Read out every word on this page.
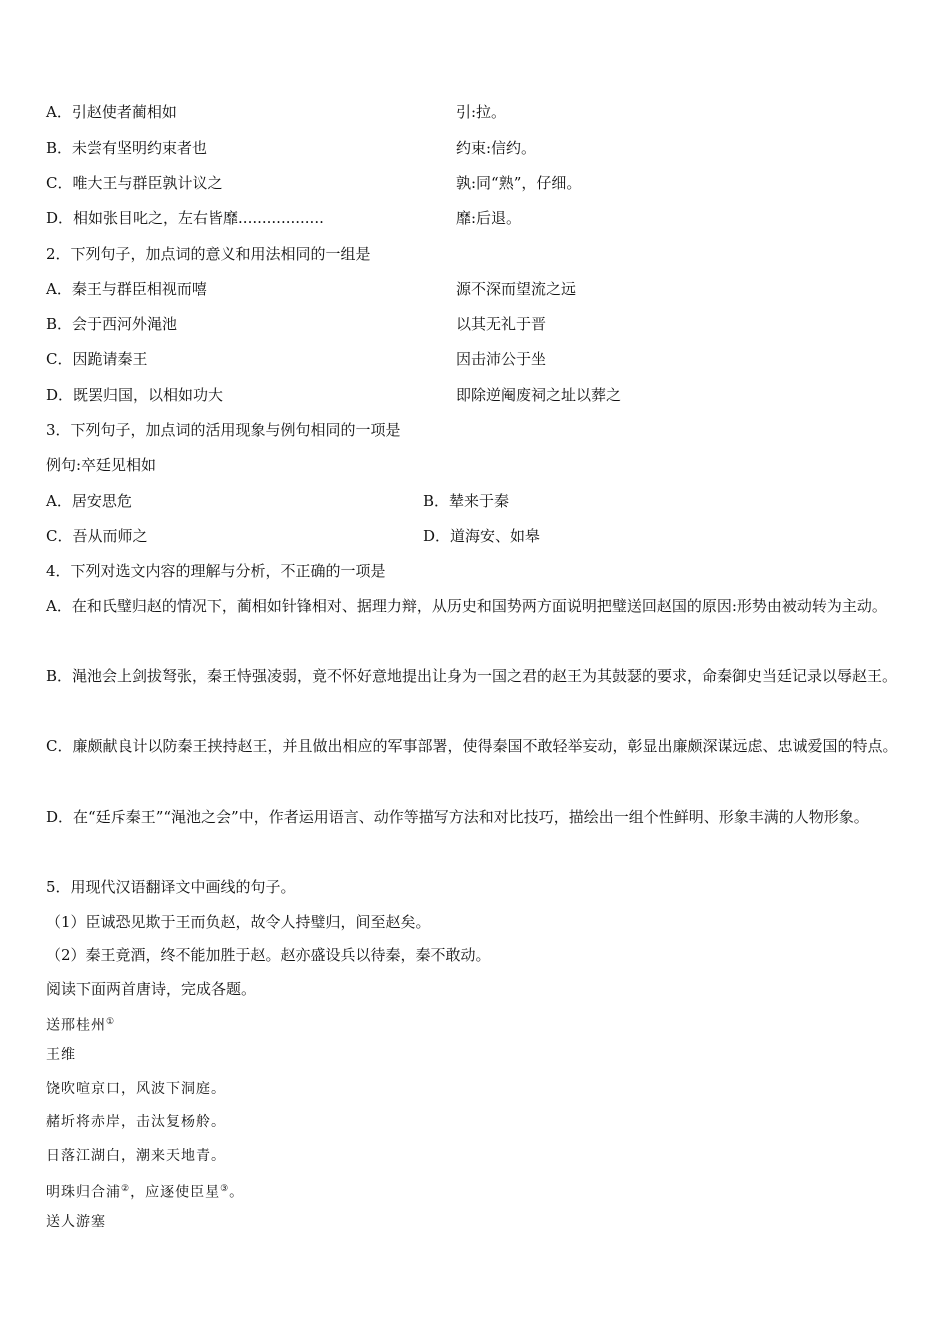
A．引赵使者蔺相如	引:拉。
B．未尝有坚明约束者也	约束:信约。
C．唯大王与群臣孰计议之	孰:同“熟”，仔细。
D．相如张目叱之，左右皆靡..................	靡:后退。
2．下列句子，加点词的意义和用法相同的一组是
A．秦王与群臣相视而嘻	源不深而望流之远
B．会于西河外渑池	以其无礼于晋
C．因跪请秦王	因击沛公于坐
D．既罢归国，以相如功大	即除逆阉废祠之址以葬之
3．下列句子，加点词的活用现象与例句相同的一项是
例句:卒廷见相如
A．居安思危	B．辇来于秦
C．吾从而师之	D．道海安、如皋
4．下列对选文内容的理解与分析，不正确的一项是
A．在和氏璧归赵的情况下，蔺相如针锋相对、据理力辩，从历史和国势两方面说明把璧送回赵国的原因:形势由被动转为主动。
B．渑池会上剑拔弩张，秦王恃强凌弱，竟不怀好意地提出让身为一国之君的赵王为其鼓瑟的要求，命秦御史当廷记录以辱赵王。
C．廉颇献良计以防秦王挟持赵王，并且做出相应的军事部署，使得秦国不敢轻举妄动，彰显出廉颇深谋远虑、忠诚爱国的特点。
D．在“廷斥秦王”“渑池之会”中，作者运用语言、动作等描写方法和对比技巧，描绘出一组个性鲜明、形象丰满的人物形象。
5．用现代汉语翻译文中画线的句子。
（1）臣诚恐见欺于王而负赵，故令人持璧归，间至赵矣。
（2）秦王竟酒，终不能加胜于赵。赵亦盛设兵以待秦，秦不敢动。
阅读下面两首唐诗，完成各题。
送邢桂州①
王维
饶吹喧京口，风波下洞庭。
赭圻将赤岸，击汰复杨舲。
日落江湖白，潮来天地青。
明珠归合浦②，应逐使臣星③。
送人游塞
